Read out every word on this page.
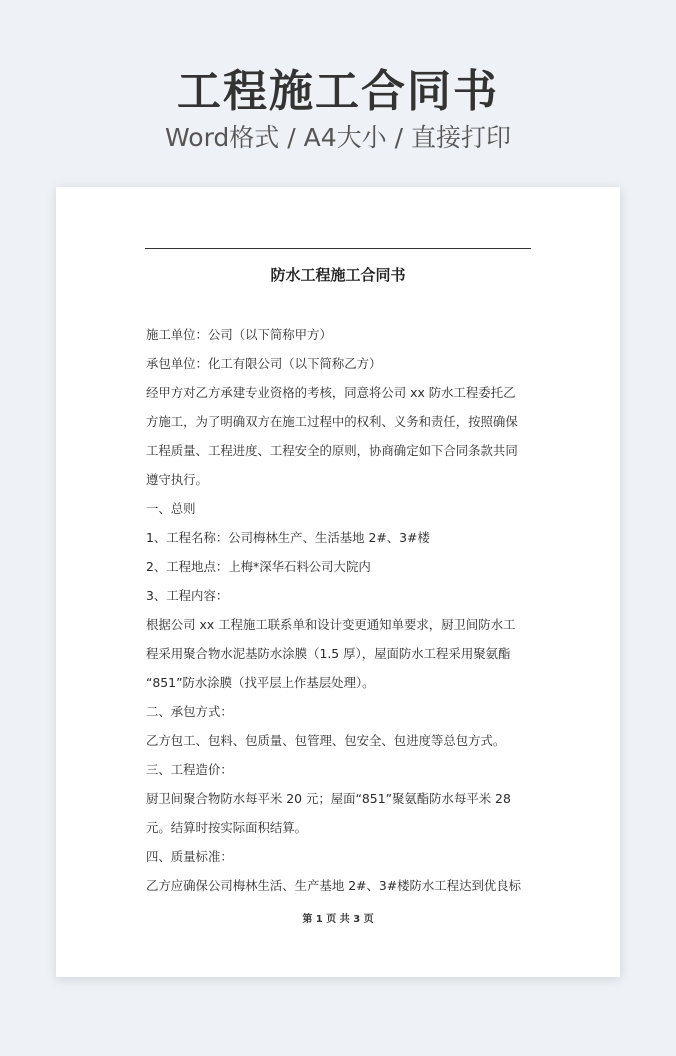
工程施工合同书
Word格式 / A4大小 / 直接打印
防水工程施工合同书
施工单位：公司（以下简称甲方）
承包单位：化工有限公司（以下简称乙方）
经甲方对乙方承建专业资格的考核，同意将公司 xx 防水工程委托乙
方施工，为了明确双方在施工过程中的权利、义务和责任，按照确保
工程质量、工程进度、工程安全的原则，协商确定如下合同条款共同
遵守执行。
一、总则
1、工程名称：公司梅林生产、生活基地 2#、3#楼
2、工程地点：上梅*深华石料公司大院内
3、工程内容：
根据公司 xx 工程施工联系单和设计变更通知单要求，厨卫间防水工
程采用聚合物水泥基防水涂膜（1.5 厚），屋面防水工程采用聚氨酯
“851”防水涂膜（找平层上作基层处理）。
二、承包方式：
乙方包工、包料、包质量、包管理、包安全、包进度等总包方式。
三、工程造价：
厨卫间聚合物防水每平米 20 元；屋面“851”聚氨酯防水每平米 28
元。结算时按实际面积结算。
四、质量标准：
乙方应确保公司梅林生活、生产基地 2#、3#楼防水工程达到优良标
第 1 页 共 3 页
